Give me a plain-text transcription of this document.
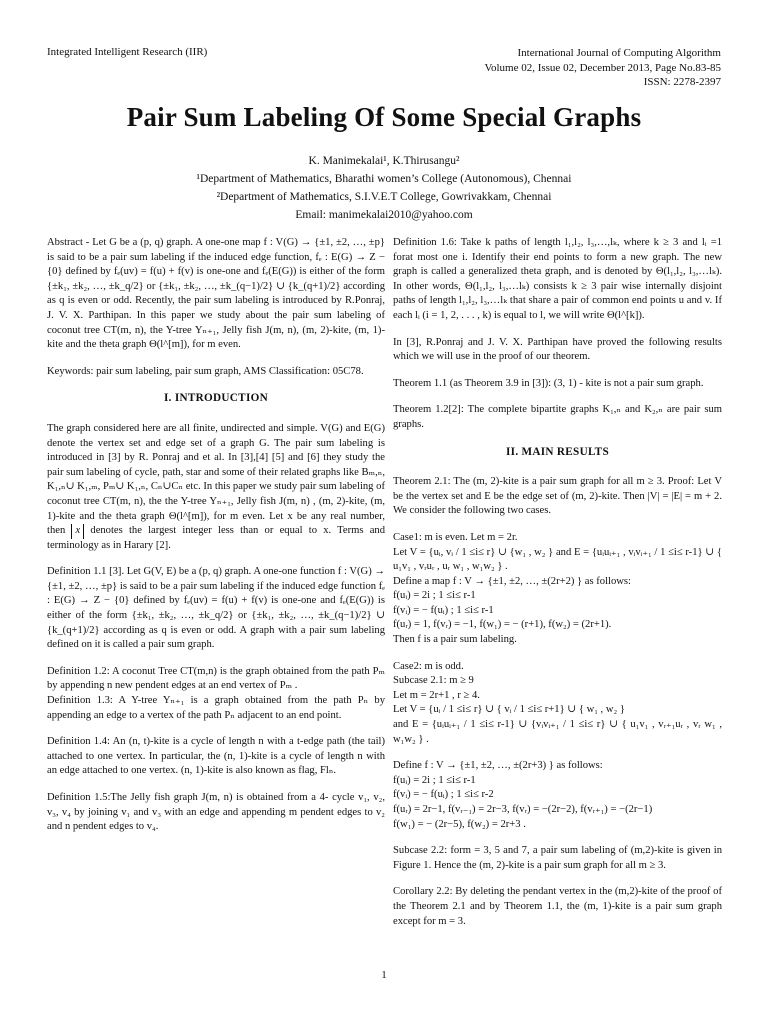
Integrated Intelligent Research (IIR)	International Journal of Computing Algorithm
Volume 02, Issue 02, December 2013, Page No.83-85
ISSN: 2278-2397
Pair Sum Labeling Of Some Special Graphs
K. Manimekalai¹, K.Thirusangu²
¹Department of Mathematics, Bharathi women’s College (Autonomous), Chennai
²Department of Mathematics, S.I.V.E.T College, Gowrivakkam, Chennai
Email: manimekalai2010@yahoo.com

Abstract - Let G be a (p, q) graph. A one-one map f : V(G) → {±1, ±2, …, ±p} is said to be a pair sum labeling if the induced edge function, fₑ : E(G) → Z − {0} defined by fₑ(uv) = f(u) + f(v) is one-one and fₑ(E(G)) is either of the form {±k₁, ±k₂, …, ±k_q/2} or {±k₁, ±k₂, …, ±k_(q−1)/2} ∪ {k_(q+1)/2} according as q is even or odd. Recently, the pair sum labeling is introduced by R.Ponraj, J. V. X. Parthipan. In this paper we study about the pair sum labeling of coconut tree CT(m, n), the Y-tree Yₙ₊₁, Jelly fish J(m, n), (m, 2)-kite, (m, 1)-kite and the theta graph Θ(l^[m]), for m even.

Keywords: pair sum labeling, pair sum graph, AMS Classification: 05C78.

I. INTRODUCTION

The graph considered here are all finite, undirected and simple. V(G) and E(G) denote the vertex set and edge set of a graph G. The pair sum labeling is introduced in [3] by R. Ponraj and et al. In [3],[4] [5] and [6] they study the pair sum labeling of cycle, path, star and some of their related graphs like Bₘ,ₙ, K₁,ₙ∪ K₁,ₘ, Pₘ∪ K₁,ₙ, Cₙ∪Cₙ etc. In this paper we study pair sum labeling of coconut tree CT(m, n), the the Y-tree Yₙ₊₁, Jelly fish J(m, n) , (m, 2)-kite, (m, 1)-kite and the theta graph Θ(l^[m]), for m even. Let x be any real number, then x denotes the largest integer less than or equal to x. Terms and terminology as in Harary [2].

Definition 1.1 [3]. Let G(V, E) be a (p, q) graph. A one-one function f : V(G) → {±1, ±2, …, ±p} is said to be a pair sum labeling if the induced edge function fₑ : E(G) → Z − {0} defined by fₑ(uv) = f(u) + f(v) is one-one and fₑ(E(G)) is either of the form {±k₁, ±k₂, …, ±k_q/2} or {±k₁, ±k₂, …, ±k_(q−1)/2} ∪ {k_(q+1)/2} according as q is even or odd. A graph with a pair sum labeling defined on it is called a pair sum graph.

Definition 1.2: A coconut Tree CT(m,n) is the graph obtained from the path Pₘ by appending n new pendent edges at an end vertex of Pₘ .

Definition 1.3: A Y-tree Yₙ₊₁ is a graph obtained from the path Pₙ by appending an edge to a vertex of the path Pₙ adjacent to an end point.

Definition 1.4: An (n, t)-kite is a cycle of length n with a t-edge path (the tail) attached to one vertex. In particular, the (n, 1)-kite is a cycle of length n with an edge attached to one vertex. (n, 1)-kite is also known as flag, Flₙ.

Definition 1.5:The Jelly fish graph J(m, n) is obtained from a 4- cycle v₁, v₂, v₃, v₄ by joining v₁ and v₃ with an edge and appending m pendent edges to v₂ and n pendent edges to v₄.

Definition 1.6: Take k paths of length l₁,l₂, l₃,…,lₖ, where k ≥ 3 and lᵢ =1 forat most one i. Identify their end points to form a new graph. The new graph is called a generalized theta graph, and is denoted by Θ(l₁,l₂, l₃,…lₖ). In other words, Θ(l₁,l₂, l₃,…lₖ) consists k ≥ 3 pair wise internally disjoint paths of length l₁,l₂, l₃,…lₖ that share a pair of common end points u and v. If each lᵢ (i = 1, 2, . . . , k) is equal to l, we will write Θ(l^[k]).

In [3], R.Ponraj and J. V. X. Parthipan have proved the following results which we will use in the proof of our theorem.

Theorem 1.1 (as Theorem 3.9 in [3]): (3, 1) - kite is not a pair sum graph.

Theorem 1.2[2]: The complete bipartite graphs K₁,ₙ and K₂,ₙ are pair sum graphs.

II. MAIN RESULTS

Theorem 2.1: The (m, 2)-kite is a pair sum graph for all m ≥ 3. Proof: Let V be the vertex set and E be the edge set of (m, 2)-kite. Then |V| = |E| = m + 2. We consider the following two cases.

Case1: m is even. Let m = 2r.
Let V = {uᵢ, vᵢ / 1 ≤i≤ r} ∪ {w₁ , w₂ } and E = {uᵢuᵢ₊₁ , vᵢvᵢ₊₁ / 1 ≤i≤ r-1} ∪ { u₁v₁ , vᵣuᵣ , uᵣ w₁ , w₁w₂ } .
Define a map f : V → {±1, ±2, …, ±(2r+2) } as follows:
f(uᵢ) = 2i ; 1 ≤i≤ r-1
f(vᵢ) = − f(uᵢ) ; 1 ≤i≤ r-1
f(uᵣ) = 1, f(vᵣ) = −1, f(w₁) = − (r+1), f(w₂) = (2r+1).
Then f is a pair sum labeling.

Case2: m is odd.
Subcase 2.1: m ≥ 9
Let m = 2r+1 , r ≥ 4.
Let V = {uᵢ / 1 ≤i≤ r} ∪ { vᵢ / 1 ≤i≤ r+1} ∪ { w₁ , w₂ }
and E = {uᵢuᵢ₊₁ / 1 ≤i≤ r-1} ∪ {vᵢvᵢ₊₁ / 1 ≤i≤ r} ∪ { u₁v₁ , vᵣ₊₁uᵣ , vᵣ w₁ , w₁w₂ } .

Define f : V → {±1, ±2, …, ±(2r+3) } as follows:
f(uᵢ) = 2i ; 1 ≤i≤ r-1
f(vᵢ) = − f(uᵢ) ; 1 ≤i≤ r-2
f(uᵣ) = 2r−1, f(vᵣ₋₁) = 2r−3, f(vᵣ) = −(2r−2), f(vᵣ₊₁) = −(2r−1)
f(w₁) = − (2r−5), f(w₂) = 2r+3 .

Subcase 2.2: form = 3, 5 and 7, a pair sum labeling of (m,2)-kite is given in Figure 1. Hence the (m, 2)-kite is a pair sum graph for all m ≥ 3.

Corollary 2.2: By deleting the pendant vertex in the (m,2)-kite of the proof of the Theorem 2.1 and by Theorem 1.1, the (m, 1)-kite is a pair sum graph except for m = 3.

1
